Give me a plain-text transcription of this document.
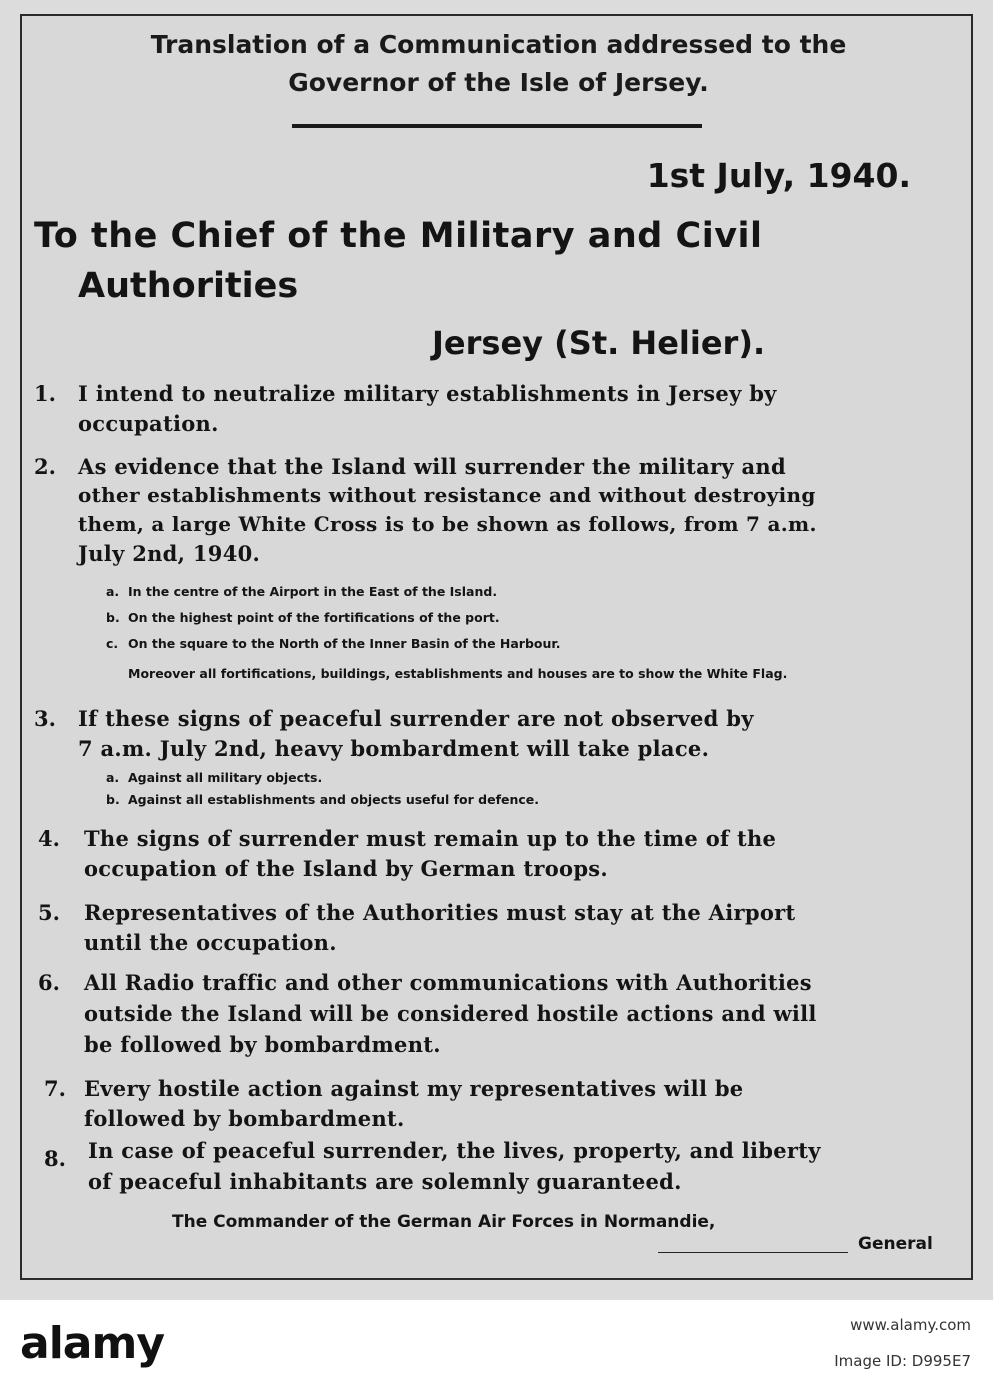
Translation of a Communication addressed to the
Governor of the Isle of Jersey.
1st July, 1940.
To the Chief of the Military and Civil
Authorities
Jersey (St. Helier).
1. I intend to neutralize military establishments in Jersey by
occupation.
2. As evidence that the Island will surrender the military and
other establishments without resistance and without destroying
them, a large White Cross is to be shown as follows, from 7 a.m.
July 2nd, 1940.
a. In the centre of the Airport in the East of the Island.
b. On the highest point of the fortifications of the port.
c. On the square to the North of the Inner Basin of the Harbour.
Moreover all fortifications, buildings, establishments and houses are to show the White Flag.
3. If these signs of peaceful surrender are not observed by
7 a.m. July 2nd, heavy bombardment will take place.
a. Against all military objects.
b. Against all establishments and objects useful for defence.
4. The signs of surrender must remain up to the time of the
occupation of the Island by German troops.
5. Representatives of the Authorities must stay at the Airport
until the occupation.
6. All Radio traffic and other communications with Authorities
outside the Island will be considered hostile actions and will
be followed by bombardment.
7. Every hostile action against my representatives will be
followed by bombardment.
8. In case of peaceful surrender, the lives, property, and liberty
of peaceful inhabitants are solemnly guaranteed.
The Commander of the German Air Forces in Normandie,
General
alamy	www.alamy.com
Image ID: D995E7
